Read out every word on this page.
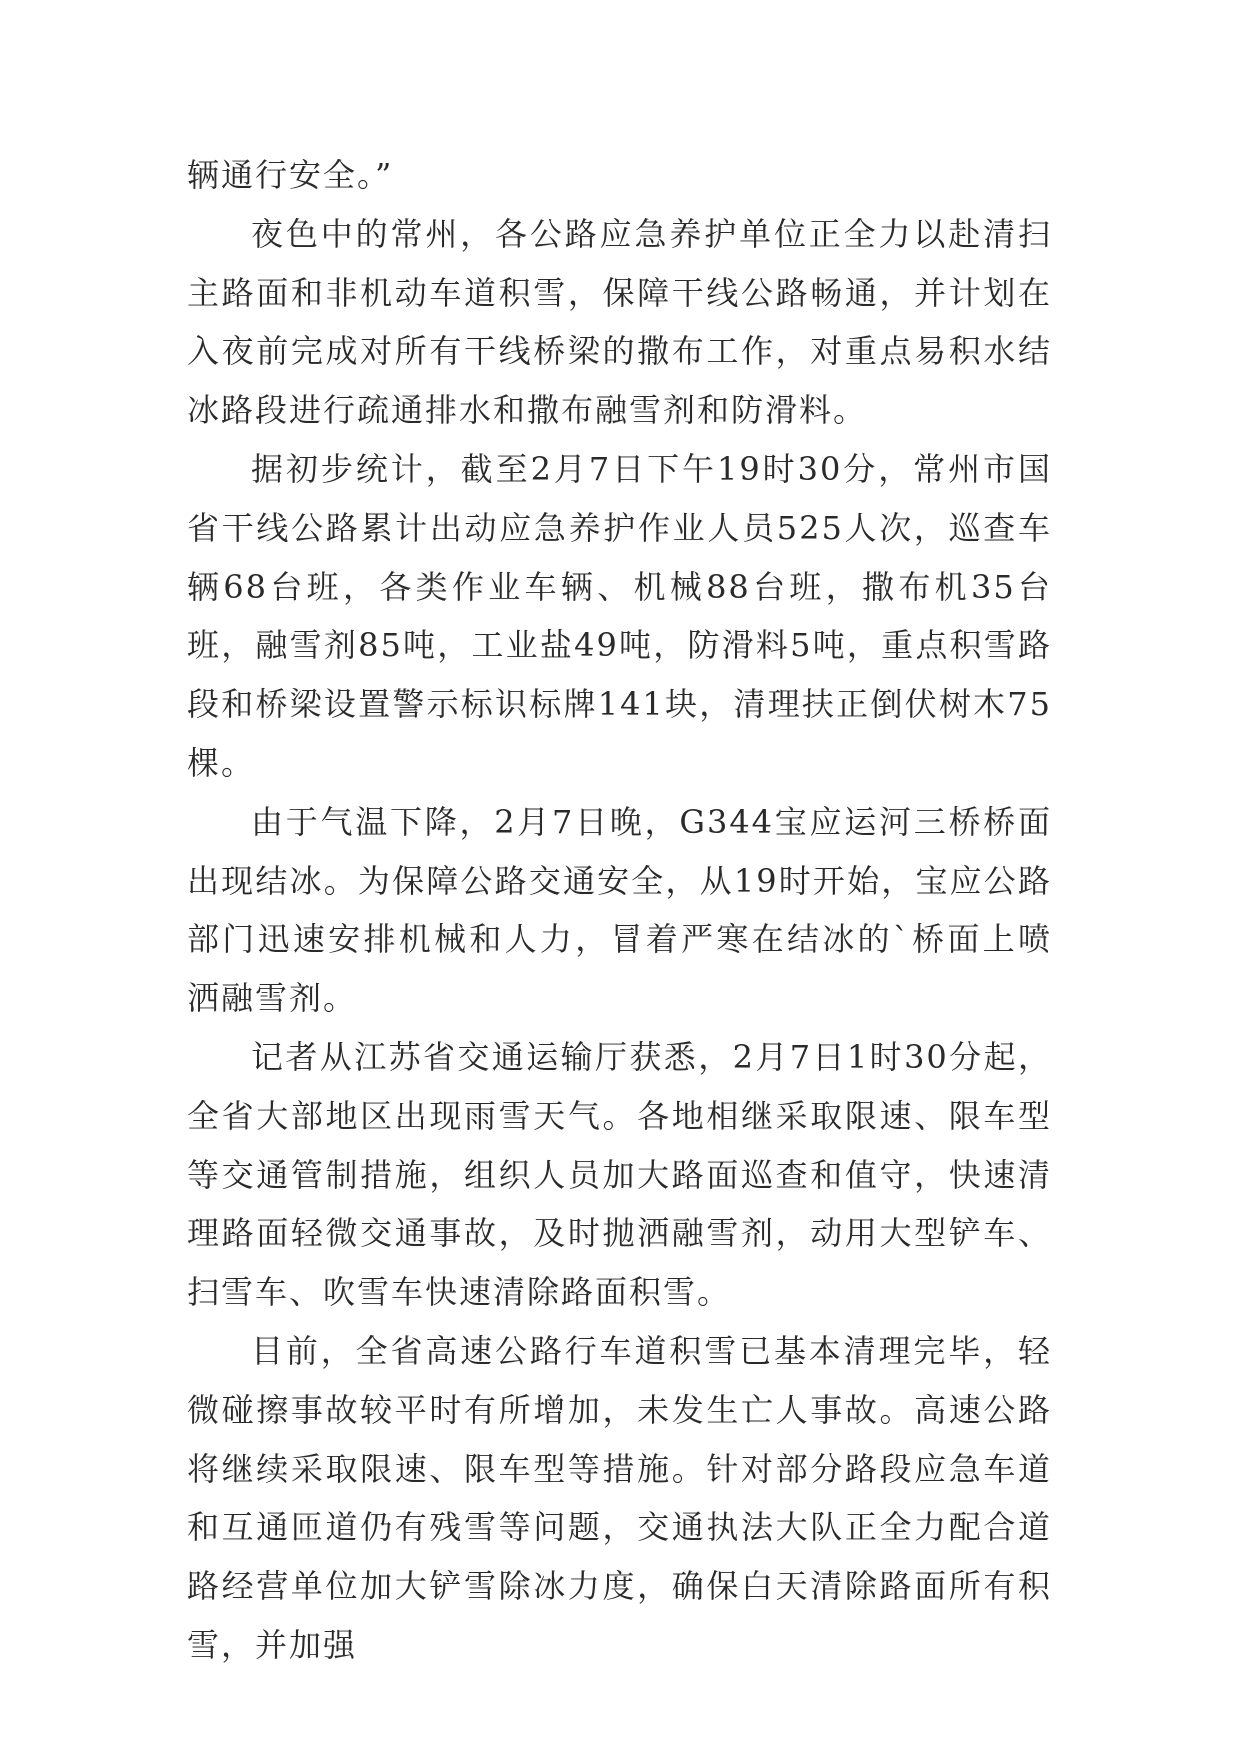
辆通行安全。”

夜色中的常州，各公路应急养护单位正全力以赴清扫主路面和非机动车道积雪，保障干线公路畅通，并计划在入夜前完成对所有干线桥梁的撒布工作，对重点易积水结冰路段进行疏通排水和撒布融雪剂和防滑料。

据初步统计，截至2月7日下午19时30分，常州市国省干线公路累计出动应急养护作业人员525人次，巡查车辆68台班，各类作业车辆、机械88台班，撒布机35台班，融雪剂85吨，工业盐49吨，防滑料5吨，重点积雪路段和桥梁设置警示标识标牌141块，清理扶正倒伏树木75棵。

由于气温下降，2月7日晚，G344宝应运河三桥桥面出现结冰。为保障公路交通安全，从19时开始，宝应公路部门迅速安排机械和人力，冒着严寒在结冰的`桥面上喷洒融雪剂。

记者从江苏省交通运输厅获悉，2月7日1时30分起，全省大部地区出现雨雪天气。各地相继采取限速、限车型等交通管制措施，组织人员加大路面巡查和值守，快速清理路面轻微交通事故，及时抛洒融雪剂，动用大型铲车、扫雪车、吹雪车快速清除路面积雪。

目前，全省高速公路行车道积雪已基本清理完毕，轻微碰擦事故较平时有所增加，未发生亡人事故。高速公路将继续采取限速、限车型等措施。针对部分路段应急车道和互通匝道仍有残雪等问题，交通执法大队正全力配合道路经营单位加大铲雪除冰力度，确保白天清除路面所有积雪，并加强
